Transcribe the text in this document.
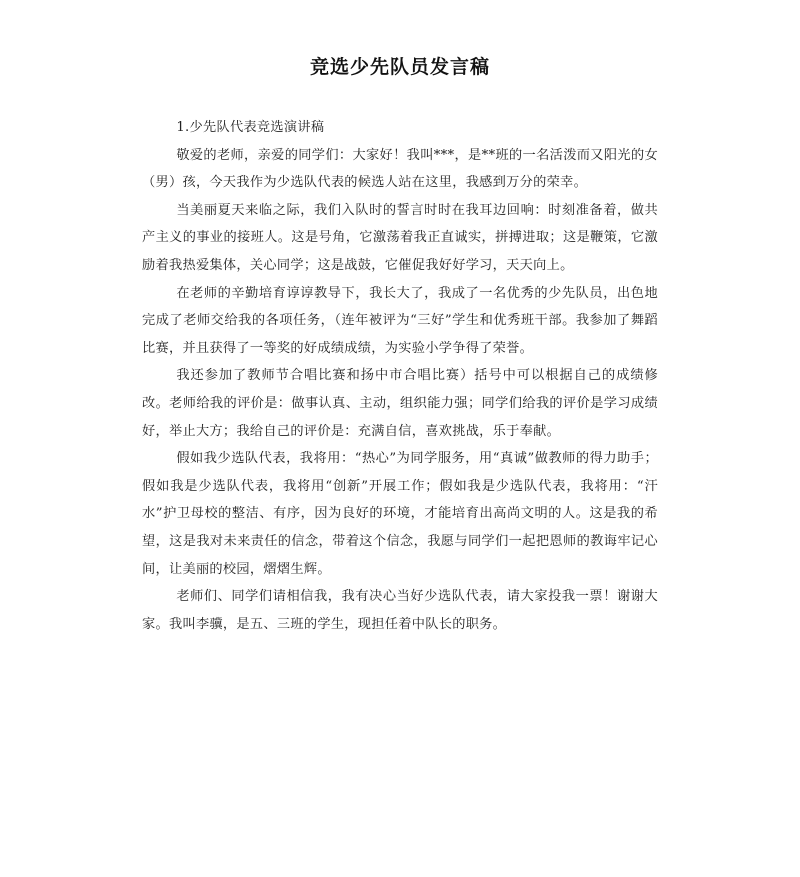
竞选少先队员发言稿

1.少先队代表竞选演讲稿

敬爱的老师，亲爱的同学们：大家好！我叫***，是**班的一名活泼而又阳光的女（男）孩，今天我作为少选队代表的候选人站在这里，我感到万分的荣幸。

当美丽夏天来临之际，我们入队时的誓言时时在我耳边回响：时刻准备着，做共产主义的事业的接班人。这是号角，它激荡着我正直诚实，拼搏进取；这是鞭策，它激励着我热爱集体，关心同学；这是战鼓，它催促我好好学习，天天向上。

在老师的辛勤培育谆谆教导下，我长大了，我成了一名优秀的少先队员，出色地完成了老师交给我的各项任务，（连年被评为“三好”学生和优秀班干部。我参加了舞蹈比赛，并且获得了一等奖的好成绩成绩，为实验小学争得了荣誉。

我还参加了教师节合唱比赛和扬中市合唱比赛）括号中可以根据自己的成绩修改。老师给我的评价是：做事认真、主动，组织能力强；同学们给我的评价是学习成绩好，举止大方；我给自己的评价是：充满自信，喜欢挑战，乐于奉献。

假如我少选队代表，我将用：“热心”为同学服务，用“真诚”做教师的得力助手；假如我是少选队代表，我将用“创新”开展工作；假如我是少选队代表，我将用：“汗水”护卫母校的整洁、有序，因为良好的环境，才能培育出高尚文明的人。这是我的希望，这是我对未来责任的信念，带着这个信念，我愿与同学们一起把恩师的教诲牢记心间，让美丽的校园，熠熠生辉。

老师们、同学们请相信我，我有决心当好少选队代表，请大家投我一票！谢谢大家。我叫李骥，是五、三班的学生，现担任着中队长的职务。
